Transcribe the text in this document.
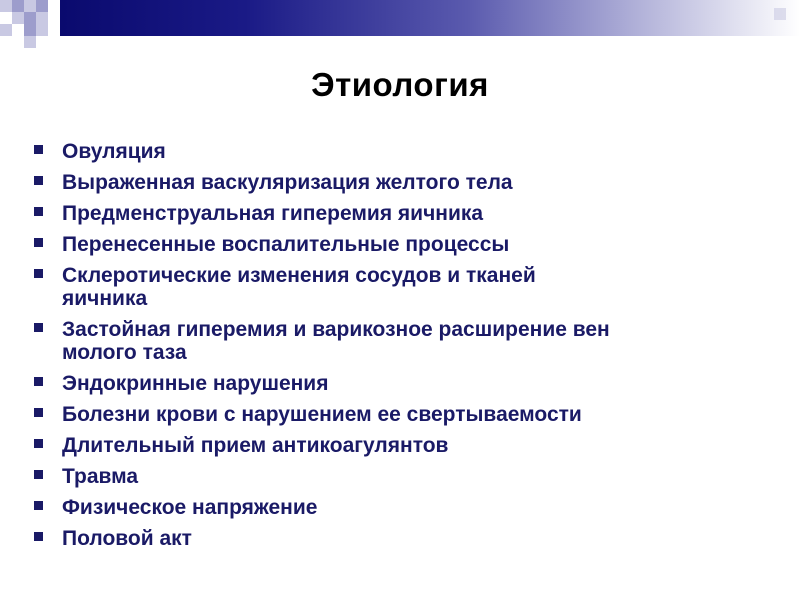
Этиология
Овуляция
Выраженная васкуляризация желтого тела
Предменструальная гиперемия яичника
Перенесенные воспалительные процессы
Склеротические изменения сосудов и тканей
яичника
Застойная гиперемия и варикозное расширение вен
молого таза
Эндокринные нарушения
Болезни крови с нарушением ее свертываемости
Длительный прием антикоагулянтов
Травма
Физическое напряжение
Половой акт
